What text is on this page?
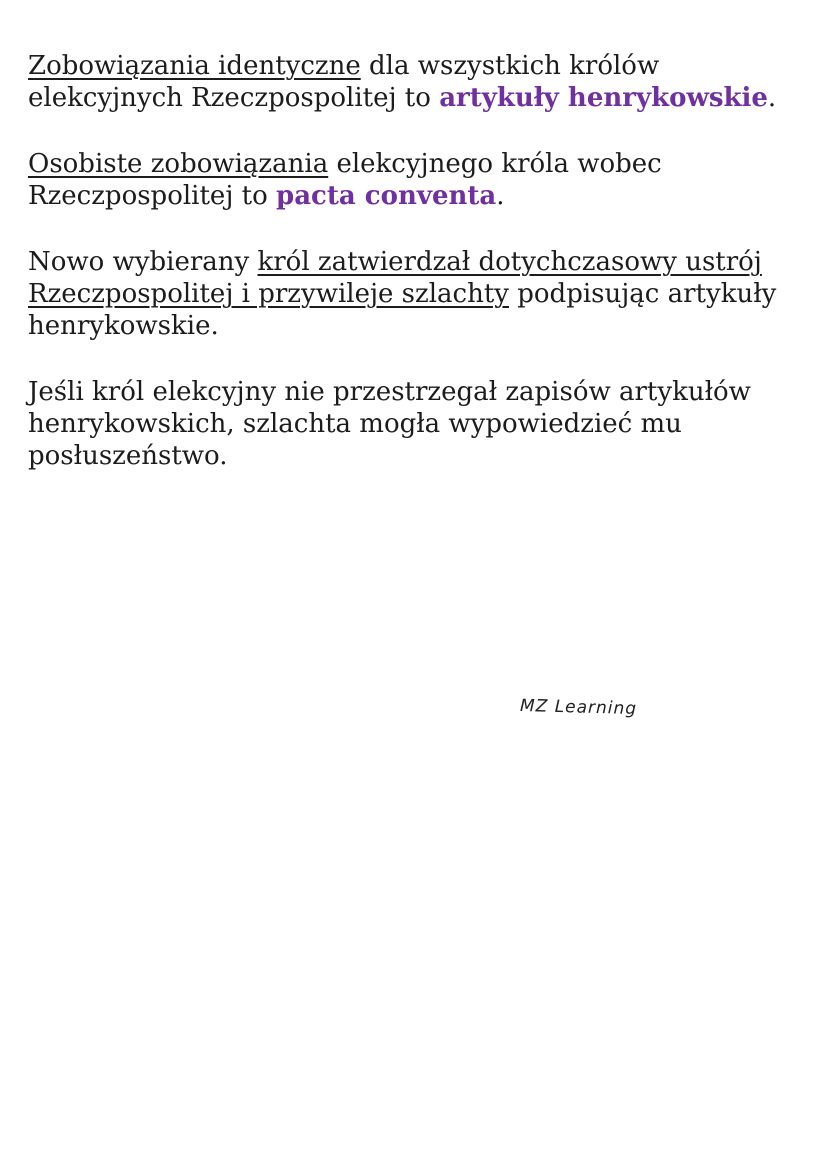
Zobowiązania identyczne dla wszystkich królów elekcyjnych Rzeczpospolitej to artykuły henrykowskie.

Osobiste zobowiązania elekcyjnego króla wobec Rzeczpospolitej to pacta conventa.

Nowo wybierany król zatwierdzał dotychczasowy ustrój Rzeczpospolitej i przywileje szlachty podpisując artykuły henrykowskie.

Jeśli król elekcyjny nie przestrzegał zapisów artykułów henrykowskich, szlachta mogła wypowiedzieć mu posłuszeństwo.

MZ Learning
